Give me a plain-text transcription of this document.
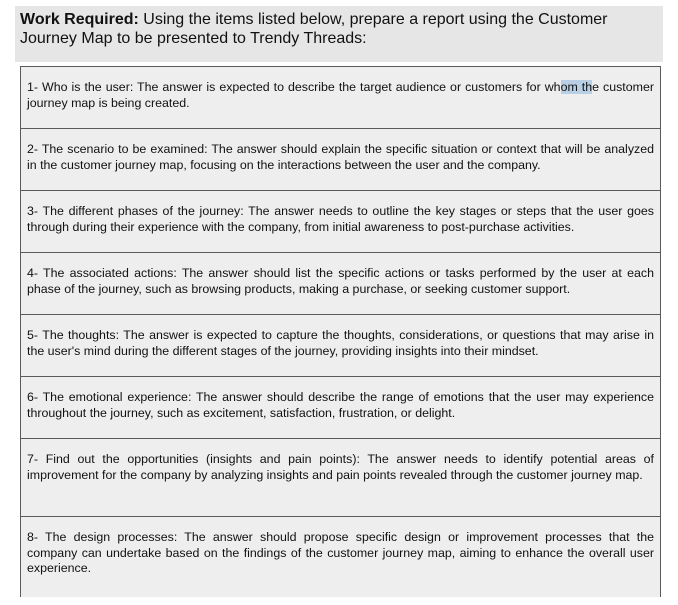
Work Required: Using the items listed below, prepare a report using the Customer Journey Map to be presented to Trendy Threads:
1- Who is the user: The answer is expected to describe the target audience or customers for whom the customer journey map is being created.
2- The scenario to be examined: The answer should explain the specific situation or context that will be analyzed in the customer journey map, focusing on the interactions between the user and the company.
3- The different phases of the journey: The answer needs to outline the key stages or steps that the user goes through during their experience with the company, from initial awareness to post-purchase activities.
4- The associated actions: The answer should list the specific actions or tasks performed by the user at each phase of the journey, such as browsing products, making a purchase, or seeking customer support.
5- The thoughts: The answer is expected to capture the thoughts, considerations, or questions that may arise in the user's mind during the different stages of the journey, providing insights into their mindset.
6- The emotional experience: The answer should describe the range of emotions that the user may experience throughout the journey, such as excitement, satisfaction, frustration, or delight.
7- Find out the opportunities (insights and pain points): The answer needs to identify potential areas of improvement for the company by analyzing insights and pain points revealed through the customer journey map.
8- The design processes: The answer should propose specific design or improvement processes that the company can undertake based on the findings of the customer journey map, aiming to enhance the overall user experience.
